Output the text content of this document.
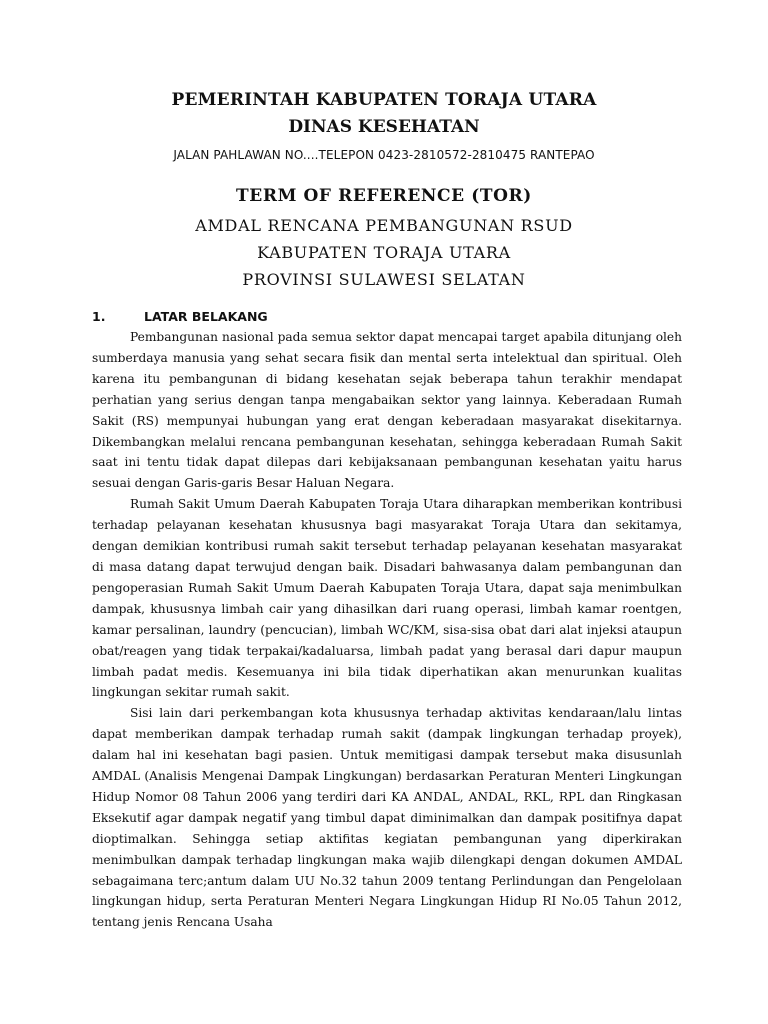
PEMERINTAH KABUPATEN TORAJA UTARA
DINAS KESEHATAN
JALAN PAHLAWAN NO....TELEPON 0423-2810572-2810475 RANTEPAO
TERM OF REFERENCE (TOR)
AMDAL RENCANA PEMBANGUNAN RSUD
KABUPATEN TORAJA UTARA
PROVINSI SULAWESI SELATAN
1.	LATAR BELAKANG

Pembangunan nasional pada semua sektor dapat mencapai target apabila ditunjang oleh sumberdaya manusia yang sehat secara fisik dan mental serta intelektual dan spiritual. Oleh karena itu pembangunan di bidang kesehatan sejak beberapa tahun terakhir mendapat perhatian yang serius dengan tanpa mengabaikan sektor yang lainnya. Keberadaan Rumah Sakit (RS) mempunyai hubungan yang erat dengan keberadaan masyarakat disekitarnya. Dikembangkan melalui rencana pembangunan kesehatan, sehingga keberadaan Rumah Sakit saat ini tentu tidak dapat dilepas dari kebijaksanaan pembangunan kesehatan yaitu harus sesuai dengan Garis-garis Besar Haluan Negara.

Rumah Sakit Umum Daerah Kabupaten Toraja Utara diharapkan memberikan kontribusi terhadap pelayanan kesehatan khususnya bagi masyarakat Toraja Utara dan sekitamya, dengan demikian kontribusi rumah sakit tersebut terhadap pelayanan kesehatan masyarakat di masa datang dapat terwujud dengan baik. Disadari bahwasanya dalam pembangunan dan pengoperasian Rumah Sakit Umum Daerah Kabupaten Toraja Utara, dapat saja menimbulkan dampak, khususnya limbah cair yang dihasilkan dari ruang operasi, limbah kamar roentgen, kamar persalinan, laundry (pencucian), limbah WC/KM, sisa-sisa obat dari alat injeksi ataupun obat/reagen yang tidak terpakai/kadaluarsa, limbah padat yang berasal dari dapur maupun limbah padat medis. Kesemuanya ini bila tidak diperhatikan akan menurunkan kualitas lingkungan sekitar rumah sakit.

Sisi lain dari perkembangan kota khususnya terhadap aktivitas kendaraan/lalu lintas dapat memberikan dampak terhadap rumah sakit (dampak lingkungan terhadap proyek), dalam hal ini kesehatan bagi pasien. Untuk memitigasi dampak tersebut maka disusunlah AMDAL (Analisis Mengenai Dampak Lingkungan) berdasarkan Peraturan Menteri Lingkungan Hidup Nomor 08 Tahun 2006 yang terdiri dari KA ANDAL, ANDAL, RKL, RPL dan Ringkasan Eksekutif agar dampak negatif yang timbul dapat diminimalkan dan dampak positifnya dapat dioptimalkan. Sehingga setiap aktifitas kegiatan pembangunan yang diperkirakan menimbulkan dampak terhadap lingkungan maka wajib dilengkapi dengan dokumen AMDAL sebagaimana terc;antum dalam UU No.32 tahun 2009 tentang Perlindungan dan Pengelolaan lingkungan hidup, serta Peraturan Menteri Negara Lingkungan Hidup RI No.05 Tahun 2012, tentang jenis Rencana Usaha
